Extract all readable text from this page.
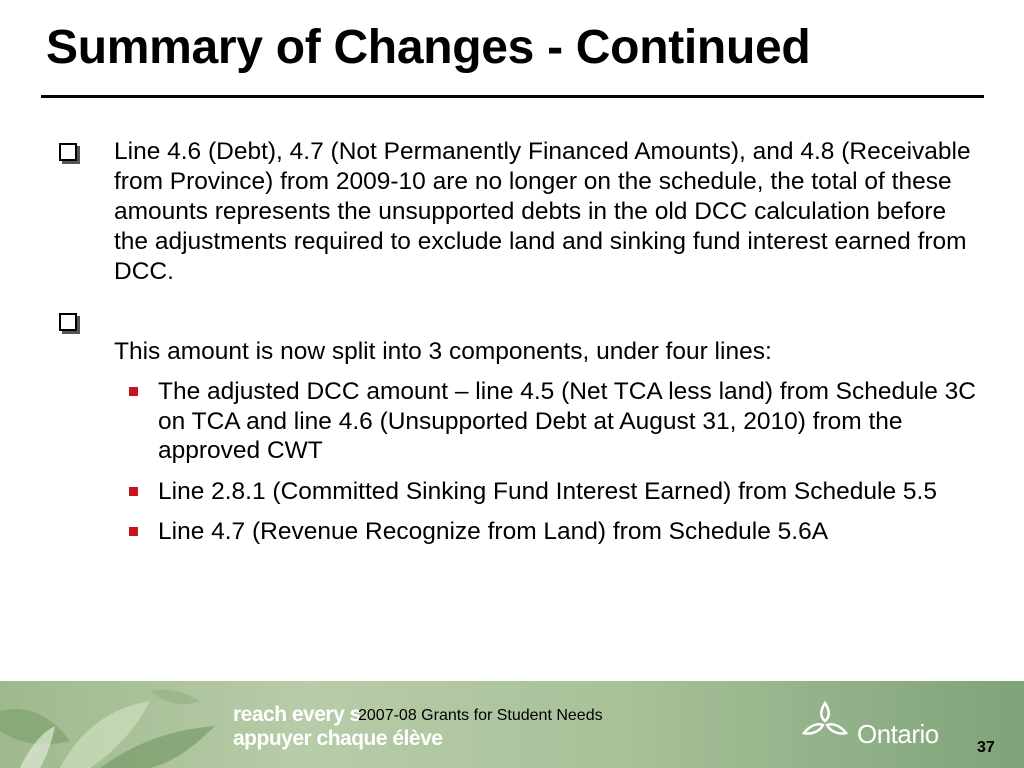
Summary of Changes - Continued
Line 4.6 (Debt), 4.7 (Not Permanently Financed Amounts), and 4.8 (Receivable from Province) from 2009-10 are no longer on the schedule, the total of these amounts represents the unsupported debts in the old DCC calculation before the adjustments required to exclude land and sinking fund interest earned from DCC.
This amount is now split into 3 components, under four lines:
The adjusted DCC amount – line 4.5 (Net TCA less land) from Schedule 3C on TCA and line 4.6 (Unsupported Debt at August 31, 2010) from the approved CWT
Line 2.8.1 (Committed Sinking Fund Interest Earned) from Schedule 5.5
Line 4.7 (Revenue Recognize from Land) from Schedule 5.6A
reach every s
appuyer chaque élève
2007-08 Grants for Student Needs
Ontario 37
